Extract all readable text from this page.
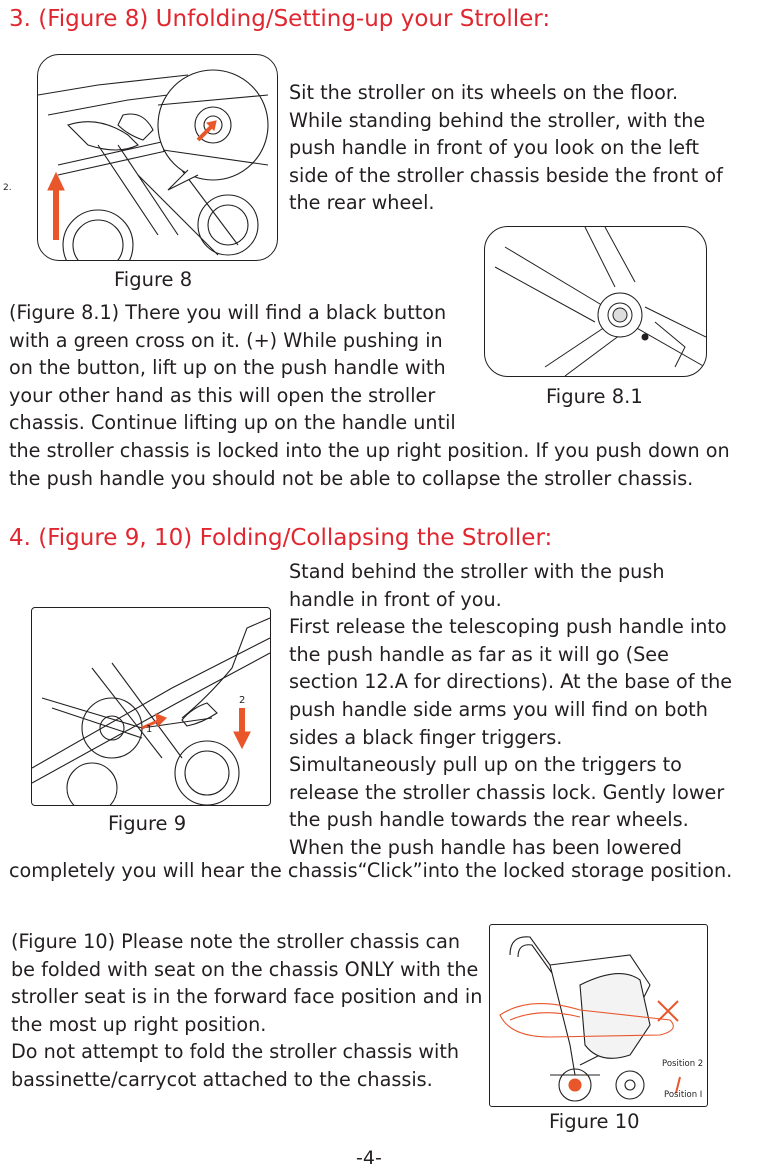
3. (Figure 8) Unfolding/Setting-up your Stroller:
2.
Figure 8
Sit the stroller on its wheels on the floor.
While standing behind the stroller, with the
push handle in front of you look on the left
side of the stroller chassis beside the front of
the rear wheel.
Figure 8.1
(Figure 8.1) There you will find a black button
with a green cross on it. (+) While pushing in
on the button, lift up on the push handle with
your other hand as this will open the stroller
chassis. Continue lifting up on the handle until
the stroller chassis is locked into the up right position. If you push down on
the push handle you should not be able to collapse the stroller chassis.
4. (Figure 9, 10) Folding/Collapsing the Stroller:
1
2
Figure 9
Stand behind the stroller with the push
handle in front of you.
First release the telescoping push handle into
the push handle as far as it will go (See
section 12.A for directions). At the base of the
push handle side arms you will find on both
sides a black finger triggers.
Simultaneously pull up on the triggers to
release the stroller chassis lock. Gently lower
the push handle towards the rear wheels.
When the push handle has been lowered
completely you will hear the chassis“Click”into the locked storage position.
(Figure 10) Please note the stroller chassis can
be folded with seat on the chassis ONLY with the
stroller seat is in the forward face position and in
the most up right position.
Do not attempt to fold the stroller chassis with
bassinette/carrycot attached to the chassis.
Position 2
Position I
Figure 10
-4-
